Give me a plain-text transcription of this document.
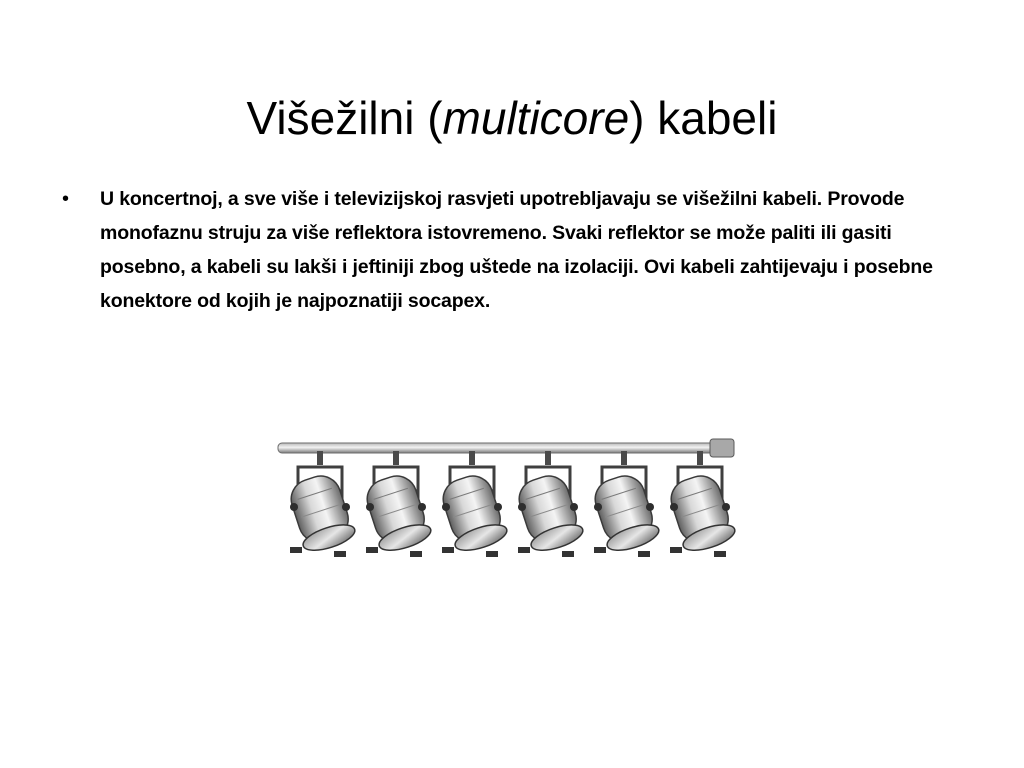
Višežilni (multicore) kabeli
• U koncertnoj, a sve više i televizijskoj rasvjeti upotrebljavaju se višežilni kabeli. Provode monofaznu struju za više reflektora istovremeno. Svaki reflektor se može paliti ili gasiti posebno, a kabeli su lakši i jeftiniji zbog uštede na izolaciji. Ovi kabeli zahtijevaju i posebne konektore od kojih je najpoznatiji socapex.
